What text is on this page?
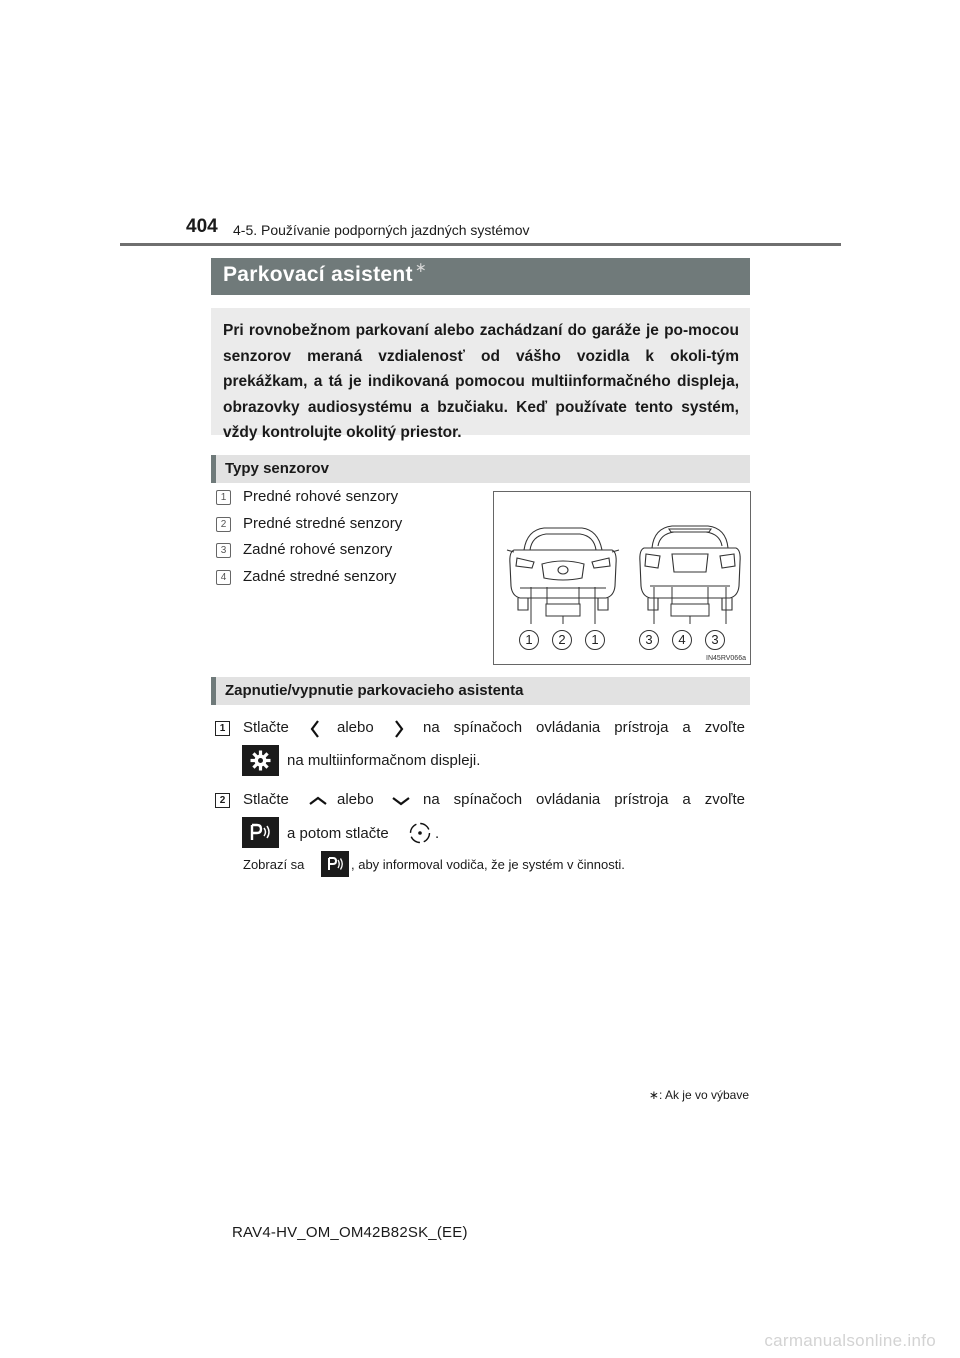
404 4-5. Používanie podporných jazdných systémov
Parkovací asistent ∗
Pri rovnobežnom parkovaní alebo zachádzaní do garáže je po-mocou senzorov meraná vzdialenosť od vášho vozidla k okoli-tým prekážkam, a tá je indikovaná pomocou multiinformačného displeja, obrazovky audiosystému a bzučiaku. Keď používate tento systém, vždy kontrolujte okolitý priestor.
Typy senzorov
1	Predné rohové senzory
2	Predné stredné senzory
3	Zadné rohové senzory
4	Zadné stredné senzory
1	2	1	3	4	3
IN45RV066a
Zapnutie/vypnutie parkovacieho asistenta
1	Stlačte	alebo	na spínačoch ovládania prístroja a zvoľte
na multiinformačnom displeji.
2	Stlačte	alebo	na spínačoch ovládania prístroja a zvoľte
a potom stlačte	.
Zobrazí sa	, aby informoval vodiča, že je systém v činnosti.
∗: Ak je vo výbave
RAV4-HV_OM_OM42B82SK_(EE)
carmanualsonline.info
